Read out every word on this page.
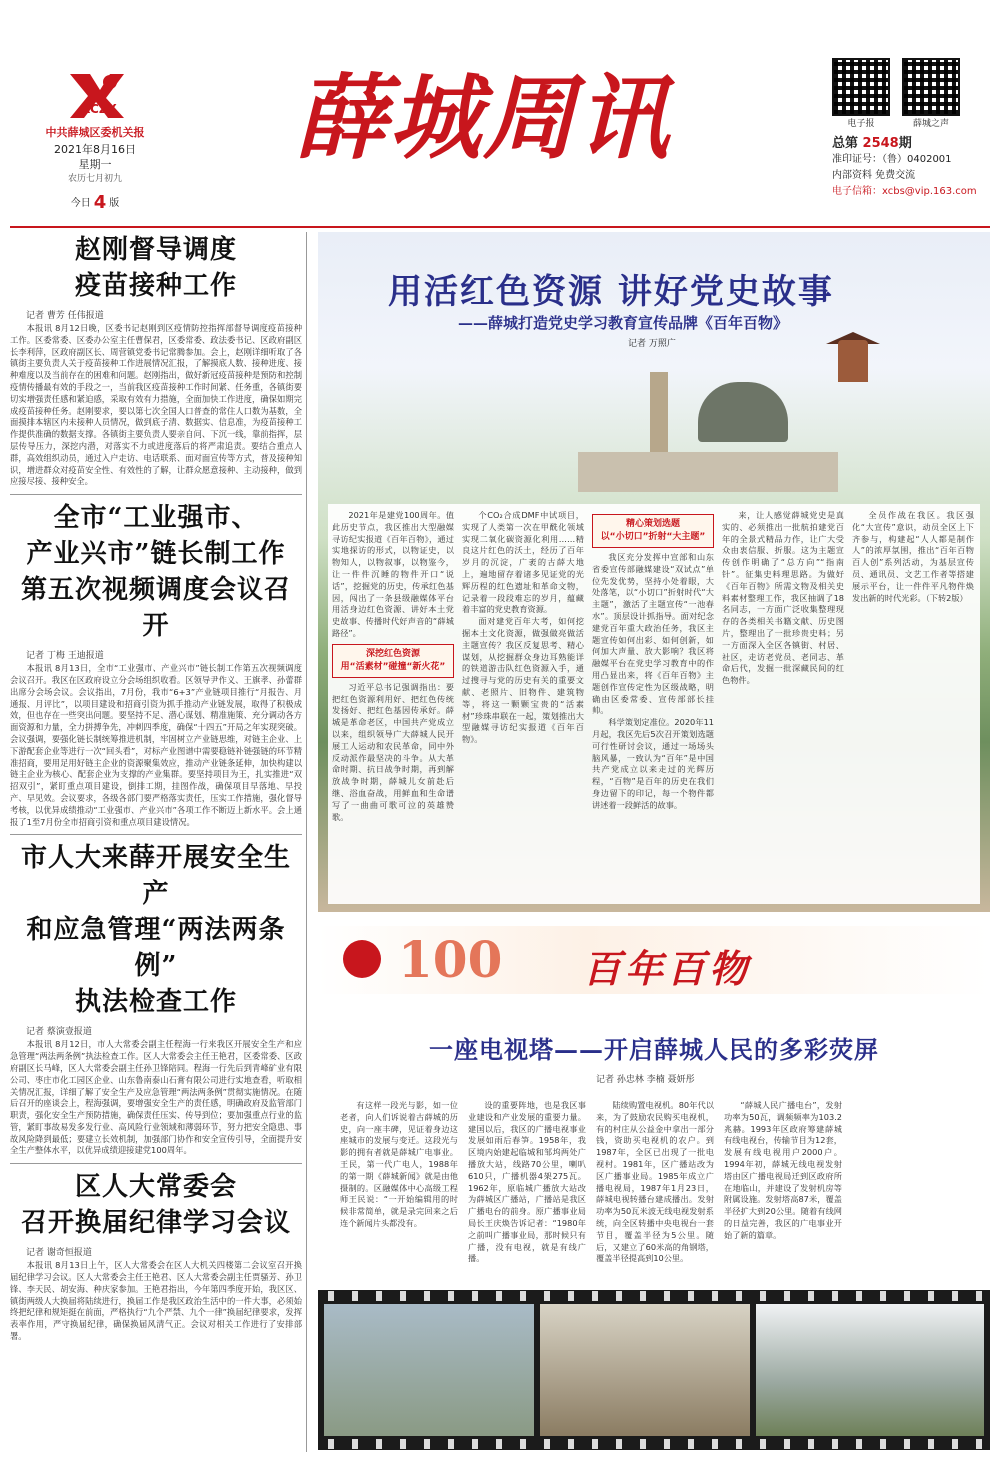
XCZX
中共薛城区委机关报
2021年8月16日
星期一
农历七月初九
今日 4 版
薛城周讯	电子报	薛城之声
总第 2548期
准印证号：（鲁）0402001
内部资料 免费交流
电子信箱：xcbs@vip.163.com
赵刚督导调度
疫苗接种工作
记者 曹芳 任伟报道
本报讯 8月12日晚，区委书记赵刚到区疫情防控指挥部督导调度疫苗接种工作。区委常委、区委办公室主任曹保君，区委常委、政法委书记、区政府副区长李利萍，区政府副区长、周营镇党委书记常腾参加。会上，赵刚详细听取了各镇街主要负责人关于疫苗接种工作进展情况汇报，了解摸底人数、接种进度、接种难度以及当前存在的困难和问题。赵刚指出，做好新冠疫苗接种是预防和控制疫情传播最有效的手段之一，当前我区疫苗接种工作时间紧、任务重，各镇街要切实增强责任感和紧迫感，采取有效有力措施，全面加快工作进度，确保如期完成疫苗接种任务。赵刚要求，要以第七次全国人口普查的常住人口数为基数，全面摸排本辖区内未接种人员情况，做到底子清、数据实、信息准，为疫苗接种工作提供准确的数据支撑。各镇街主要负责人要亲自问、下沉一线，靠前指挥，层层传导压力，深挖内潜，对落实不力或进度落后的将严肃追责。要结合重点人群，高效组织动员，通过入户走访、电话联系、面对面宣传等方式，普及接种知识，增进群众对疫苗安全性、有效性的了解，让群众愿意接种、主动接种，做到应接尽接、接种安全。
全市“工业强市、
产业兴市”链长制工作
第五次视频调度会议召开
记者 丁梅 王迪报道
本报讯 8月13日，全市“工业强市、产业兴市”链长制工作第五次视频调度会议召开。我区在区政府设立分会场组织收看。区领导尹作义、王旗孝、孙蕾群出席分会场会议。会议指出，7月份，我市“6+3”产业链项目推行“月报告、月通报、月评比”，以项目建设和招商引资为抓手推动产业链发展，取得了积极成效，但也存在一些突出问题。要坚持不足、潜心谋划、精准施策、充分调动各方面资源和力量，全力拼搏争先，冲刺四季度，确保“十四五”开局之年实现突破。会议强调，要强化链长制统筹推进机制，牢固树立产业链思维，对链主企业、上下游配套企业等进行一次“回头看”，对标产业图谱中需要稳链补链强链的环节精准招商，要用足用好链主企业的资源聚集效应，推动产业链条延伸，加快构建以链主企业为核心、配套企业为支撑的产业集群。要坚持项目为王，扎实推进“双招双引”，紧盯重点项目建设，倒排工期，挂图作战，确保项目早落地、早投产、早见效。会议要求，各级各部门要严格落实责任，压实工作措施，强化督导考核，以优异成绩推动“工业强市、产业兴市”各项工作不断迈上新水平。会上通报了1至7月份全市招商引资和重点项目建设情况。
市人大来薛开展安全生产
和应急管理“两法两条例”
执法检查工作
记者 蔡演壹报道
本报讯 8月12日，市人大常委会副主任程海一行来我区开展安全生产和应急管理“两法两条例”执法检查工作。区人大常委会主任王艳君，区委常委、区政府副区长马峰，区人大常委会副主任孙卫锋陪同。程海一行先后到青峰矿业有限公司、枣庄市化工园区企业、山东鲁南泰山石膏有限公司进行实地查看，听取相关情况汇报，详细了解了安全生产及应急管理“两法两条例”贯彻实施情况。在随后召开的座谈会上，程海强调，要增强安全生产的责任感，明确政府及监管部门职责，强化安全生产预防措施，确保责任压实、传导到位；要加强重点行业的监管，紧盯事故易发多发行业、高风险行业领域和薄弱环节，努力把安全隐患、事故风险降到最低；要建立长效机制，加强部门协作和安全宣传引导，全面提升安全生产整体水平，以优异成绩迎接建党100周年。
区人大常委会
召开换届纪律学习会议
记者 谢奇恒报道
本报讯 8月13日上午，区人大常委会在区人大机关四楼第二会议室召开换届纪律学习会议。区人大常委会主任王艳君、区人大常委会副主任贾骚芳、孙卫锋、李天民、胡安海、种庆家参加。王艳君指出，今年第四季度开始，我区区、镇街两级人大换届将陆续进行，换届工作是我区政治生活中的一件大事，必须始终把纪律和规矩挺在前面，严格执行“九个严禁、九个一律”换届纪律要求，发挥表率作用，严守换届纪律，确保换届风清气正。会议对相关工作进行了安排部署。
用活红色资源 讲好党史故事
——薛城打造党史学习教育宣传品牌《百年百物》
记者 万照广

2021年是建党100周年。值此历史节点，我区推出大型融媒寻访纪实报道《百年百物》，通过实地探访的形式，以物证史，以物知人，以物叙事，以物鉴今，让一件件沉睡的物件开口“说话”，挖掘党的历史，传承红色基因，闯出了一条县级融媒体平台用活身边红色资源、讲好本土党史故事、传播时代好声音的“薛城路径”。

深挖红色资源
用“活素材”碰撞“新火花”

习近平总书记强调指出：要把红色资源利用好、把红色传统发扬好、把红色基因传承好。薛城是革命老区，中国共产党成立以来，组织领导广大薛城人民开展工人运动和农民革命，同中外反动派作最坚决的斗争。从大革命时期、抗日战争时期，再到解放战争时期，薛城儿女前赴后继、浴血奋战，用鲜血和生命谱写了一曲曲可歌可泣的英雄赞歌。

个CO₂合成DMF中试项目，实现了人类第一次在甲酰化领域实现二氧化碳资源化利用……精良这片红色的沃土，经历了百年岁月的沉淀，广袤的古薛大地上，遍地留存着诸多见证党的光辉历程的红色遗址和革命文物，记录着一段段难忘的岁月，蕴藏着丰富的党史教育资源。

面对建党百年大考，如何挖掘本土文化资源，做强做亮做活主题宣传？我区反复思考、精心谋划，从挖掘群众身边耳熟能详的铁道游击队红色资源入手，通过搜寻与党的历史有关的重要文献、老照片、旧物件、建筑物等，将这一颗颗宝贵的“活素材”珍珠串联在一起，策划推出大型融媒寻访纪实报道《百年百物》。

精心策划选题
以“小切口”折射“大主题”

我区充分发挥中宣部和山东省委宣传部融媒建设“双试点”单位先发优势，坚持小处着眼，大处落笔，以“小切口”折射时代“大主题”，激活了主题宣传“一池春水”。顶层设计抓指导。面对纪念建党百年重大政治任务，我区主题宣传如何出彩、如何创新，如何加大声量、放大影响？我区将融媒平台在党史学习教育中的作用凸显出来，将《百年百物》主题创作宣传定性为区级战略，明确由区委常委、宣传部部长挂帅。

科学策划定准位。2020年11月起，我区先后5次召开策划选题可行性研讨会议，通过一场场头脑风暴，一致认为“百年”是中国共产党成立以来走过的光辉历程，“百物”是百年的历史在我们身边留下的印记，每一个物件都讲述着一段鲜活的故事。

来，让人感觉薛城党史是真实的、必须推出一批航拍建党百年的全景式精品力作，让广大受众由衷信服、折服。这为主题宣传创作明确了“总方向”“指南针”。征集史料理思路。为做好《百年百物》所需文物及相关史料素材整理工作，我区抽调了18名同志，一方面广泛收集整理现存的各类相关书籍文献、历史图片，整理出了一批珍贵史料；另一方面深入全区各镇街、村居、社区，走访老党员、老同志、革命后代，发掘一批深藏民间的红色物件。

全员作战在我区。我区强化“大宣传”意识，动员全区上下齐参与，构建起“人人都是制作人”的浓厚氛围，推出“百年百物百人创”系列活动，为基层宣传员、通讯员、文艺工作者等搭建展示平台，让一件件平凡物件焕发出新的时代光彩。（下转2版）

100 百年百物
一座电视塔——开启薛城人民的多彩荧屏
记者 孙忠林 李楠 聂妍彤

有这样一段光与影，如一位老者，向人们诉说着古薛城的历史，向一座丰碑，见证着身边这座城市的发展与变迁。这段光与影的拥有者就是薛城广电事业。王民，第一代广电人，1988年的第一期《薛城新闻》就是由他摄制的。区融媒体中心高级工程师王民说：“一开始编辑用的时候非常简单，就是录完回来之后连个新闻片头都没有。

设的重要阵地，也是我区事业建设和产业发展的重要力量。建国以后，我区的广播电视事业发展如雨后春笋。1958年，我区境内始建起临城和邹坞两处广播放大站，线路70公里，喇叭610只，广播机器4架275瓦。1962年，原临城广播放大站改为薛城区广播站，广播站是我区广播电台的前身。原广播事业局局长王庆焕告诉记者：“1980年之前叫广播事业局，那时候只有广播，没有电视，就是有线广播。

陆续购置电视机。80年代以来，为了鼓励农民购买电视机，有的村庄从公益金中拿出一部分钱，资助买电视机的农户。到1987年，全区已出现了一批电视村。1981年，区广播站改为区广播事业局。1985年成立广播电视局，1987年1月23日，薛城电视转播台建成播出。发射功率为50瓦米波无线电视发射系统，向全区转播中央电视台一套节目，覆盖半径为5公里。随后，又建立了60米高的角钢塔，覆盖半径提高到10公里。

“薛城人民广播电台”，发射功率为50瓦，调频频率为103.2兆赫。1993年区政府筹建薛城有线电视台，传输节目为12套，发展有线电视用户2000户。1994年初，薛城无线电视发射塔由区广播电视局迁到区政府所在地临山，并建设了发射机房等附属设施。发射塔高87米，覆盖半径扩大到20公里。随着有线网的日益完善，我区的广电事业开始了新的篇章。
